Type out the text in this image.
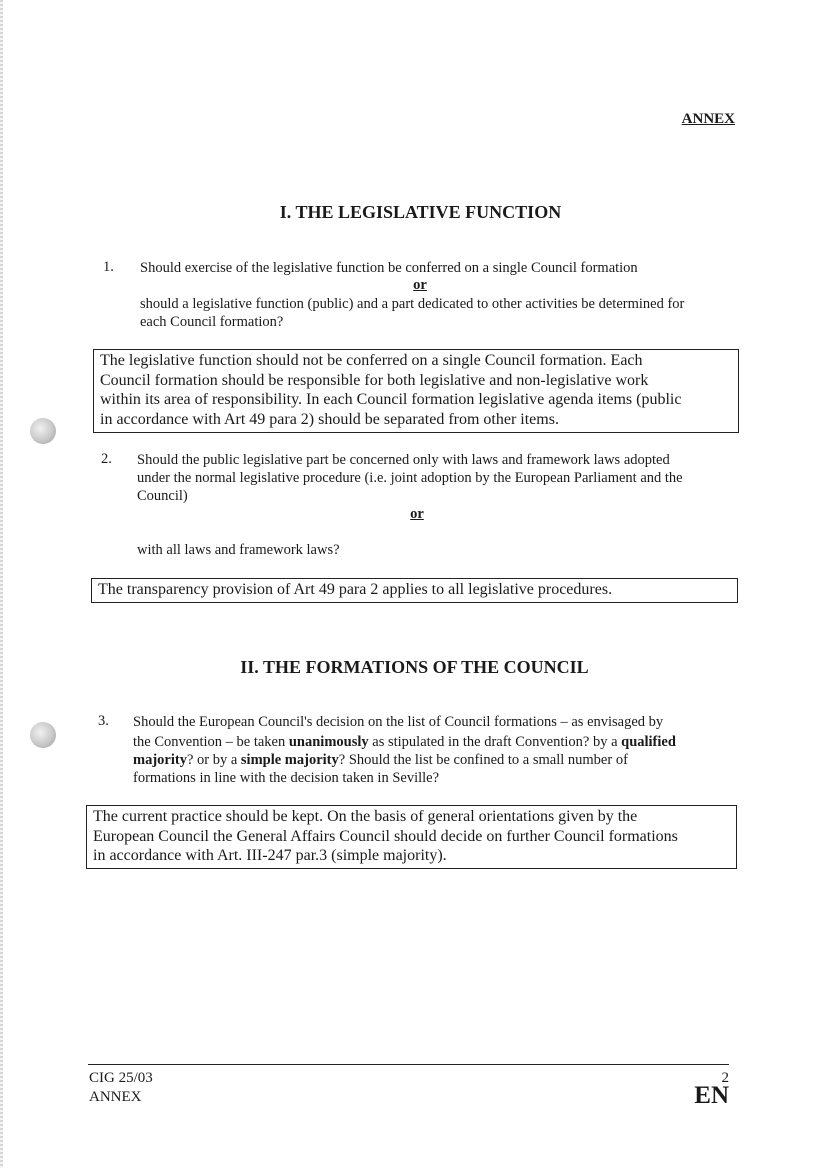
ANNEX
I. THE LEGISLATIVE FUNCTION
1. Should exercise of the legislative function be conferred on a single Council formation
or
should a legislative function (public) and a part dedicated to other activities be determined for
each Council formation?
The legislative function should not be conferred on a single Council formation. Each
Council formation should be responsible for both legislative and non-legislative work
within its area of responsibility. In each Council formation legislative agenda items (public
in accordance with Art 49 para 2) should be separated from other items.
2. Should the public legislative part be concerned only with laws and framework laws adopted
under the normal legislative procedure (i.e. joint adoption by the European Parliament and the
Council)
or
with all laws and framework laws?
The transparency provision of Art 49 para 2 applies to all legislative procedures.
II. THE FORMATIONS OF THE COUNCIL
3. Should the European Council's decision on the list of Council formations – as envisaged by
the Convention – be taken unanimously as stipulated in the draft Convention? by a qualified
majority? or by a simple majority? Should the list be confined to a small number of
formations in line with the decision taken in Seville?
The current practice should be kept. On the basis of general orientations given by the
European Council the General Affairs Council should decide on further Council formations
in accordance with Art. III-247 par.3 (simple majority).
CIG 25/03
ANNEX
2
EN
